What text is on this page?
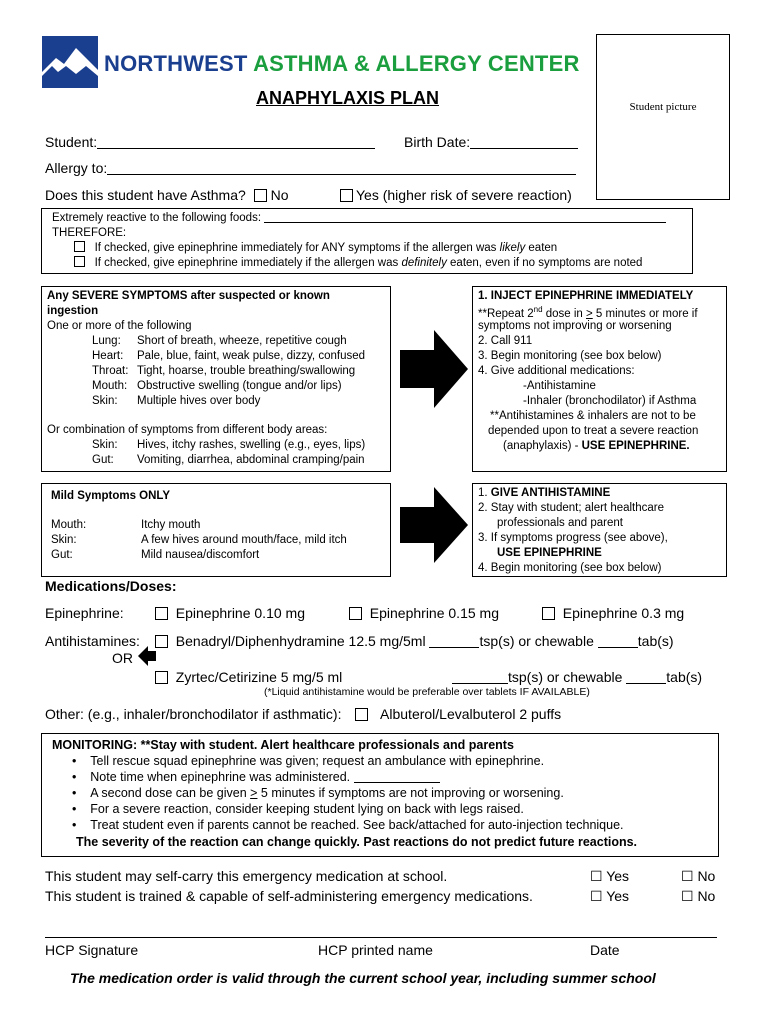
NORTHWEST ASTHMA & ALLERGY CENTER
ANAPHYLAXIS PLAN	Student picture
Student:	Birth Date:
Allergy to:
Does this student have Asthma? No	Yes (higher risk of severe reaction)
Extremely reactive to the following foods:
THEREFORE:
If checked, give epinephrine immediately for ANY symptoms if the allergen was likely eaten
If checked, give epinephrine immediately if the allergen was definitely eaten, even if no symptoms are noted
Any SEVERE SYMPTOMS after suspected or known
ingestion
One or more of the following
Lung: Short of breath, wheeze, repetitive cough
Heart: Pale, blue, faint, weak pulse, dizzy, confused
Throat: Tight, hoarse, trouble breathing/swallowing
Mouth: Obstructive swelling (tongue and/or lips)
Skin: Multiple hives over body
Or combination of symptoms from different body areas:
Skin: Hives, itchy rashes, swelling (e.g., eyes, lips)
Gut: Vomiting, diarrhea, abdominal cramping/pain
1. INJECT EPINEPHRINE IMMEDIATELY
**Repeat 2nd dose in > 5 minutes or more if
symptoms not improving or worsening
2. Call 911
3. Begin monitoring (see box below)
4. Give additional medications:
-Antihistamine
-Inhaler (bronchodilator) if Asthma
**Antihistamines & inhalers are not to be
depended upon to treat a severe reaction
(anaphylaxis) - USE EPINEPHRINE.
Mild Symptoms ONLY
Mouth:	Itchy mouth
Skin:	A few hives around mouth/face, mild itch
Gut:	Mild nausea/discomfort
1. GIVE ANTIHISTAMINE
2. Stay with student; alert healthcare
professionals and parent
3. If symptoms progress (see above),
USE EPINEPHRINE
4. Begin monitoring (see box below)
Medications/Doses:
Epinephrine:	Epinephrine 0.10 mg	Epinephrine 0.15 mg	Epinephrine 0.3 mg
Antihistamines:	Benadryl/Diphenhydramine 12.5 mg/5ml	tsp(s) or chewable	tab(s)
OR
Zyrtec/Cetirizine 5 mg/5 ml	tsp(s) or chewable	tab(s)
(*Liquid antihistamine would be preferable over tablets IF AVAILABLE)
Other: (e.g., inhaler/bronchodilator if asthmatic):	Albuterol/Levalbuterol 2 puffs
MONITORING: **Stay with student. Alert healthcare professionals and parents
•    Tell rescue squad epinephrine was given; request an ambulance with epinephrine.
•    Note time when epinephrine was administered.
•    A second dose can be given > 5 minutes if symptoms are not improving or worsening.
•    For a severe reaction, consider keeping student lying on back with legs raised.
•    Treat student even if parents cannot be reached. See back/attached for auto-injection technique.
The severity of the reaction can change quickly. Past reactions do not predict future reactions.
This student may self-carry this emergency medication at school.	☐ Yes	☐ No
This student is trained & capable of self-administering emergency medications.	☐ Yes	☐ No
HCP Signature	HCP printed name	Date
The medication order is valid through the current school year, including summer school
